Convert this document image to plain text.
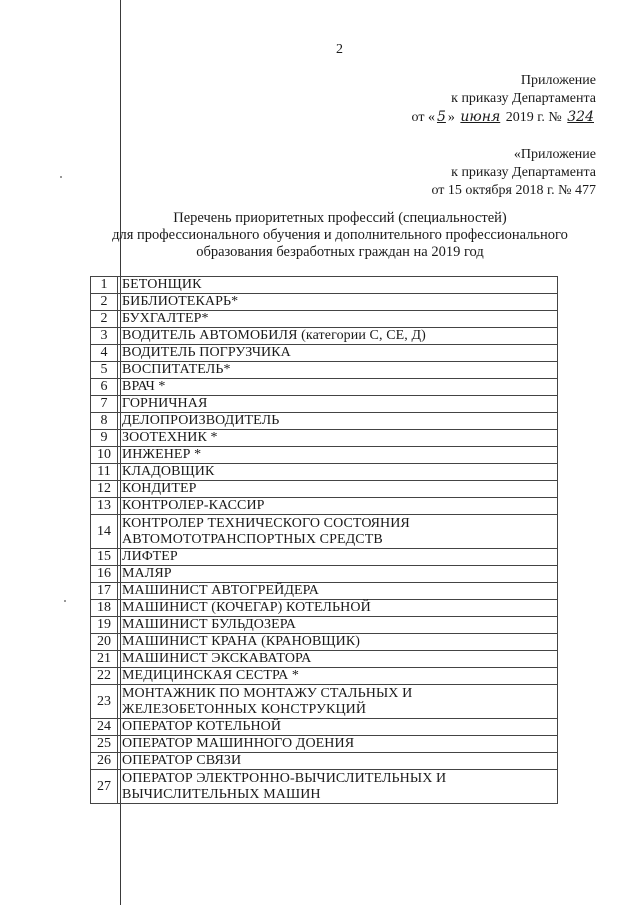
2
Приложение
к приказу Департамента
от « 5 » июня 2019 г. № 324
«Приложение
к приказу Департамента
от 15 октября 2018 г. № 477
Перечень приоритетных профессий (специальностей)
для профессионального обучения и дополнительного профессионального
образования безработных граждан на 2019 год
1	БЕТОНЩИК
2	БИБЛИОТЕКАРЬ*
2	БУХГАЛТЕР*
3	ВОДИТЕЛЬ АВТОМОБИЛЯ (категории С, СЕ, Д)
4	ВОДИТЕЛЬ ПОГРУЗЧИКА
5	ВОСПИТАТЕЛЬ*
6	ВРАЧ *
7	ГОРНИЧНАЯ
8	ДЕЛОПРОИЗВОДИТЕЛЬ
9	ЗООТЕХНИК *
10	ИНЖЕНЕР *
11	КЛАДОВЩИК
12	КОНДИТЕР
13	КОНТРОЛЕР-КАССИР
14	КОНТРОЛЕР ТЕХНИЧЕСКОГО СОСТОЯНИЯ
АВТОМОТОТРАНСПОРТНЫХ СРЕДСТВ
15	ЛИФТЕР
16	МАЛЯР
17	МАШИНИСТ АВТОГРЕЙДЕРА
18	МАШИНИСТ (КОЧЕГАР) КОТЕЛЬНОЙ
19	МАШИНИСТ БУЛЬДОЗЕРА
20	МАШИНИСТ КРАНА (КРАНОВЩИК)
21	МАШИНИСТ ЭКСКАВАТОРА
22	МЕДИЦИНСКАЯ СЕСТРА *
23	МОНТАЖНИК ПО МОНТАЖУ СТАЛЬНЫХ И
ЖЕЛЕЗОБЕТОННЫХ КОНСТРУКЦИЙ
24	ОПЕРАТОР КОТЕЛЬНОЙ
25	ОПЕРАТОР МАШИННОГО ДОЕНИЯ
26	ОПЕРАТОР СВЯЗИ
27	ОПЕРАТОР ЭЛЕКТРОННО-ВЫЧИСЛИТЕЛЬНЫХ И
ВЫЧИСЛИТЕЛЬНЫХ МАШИН
